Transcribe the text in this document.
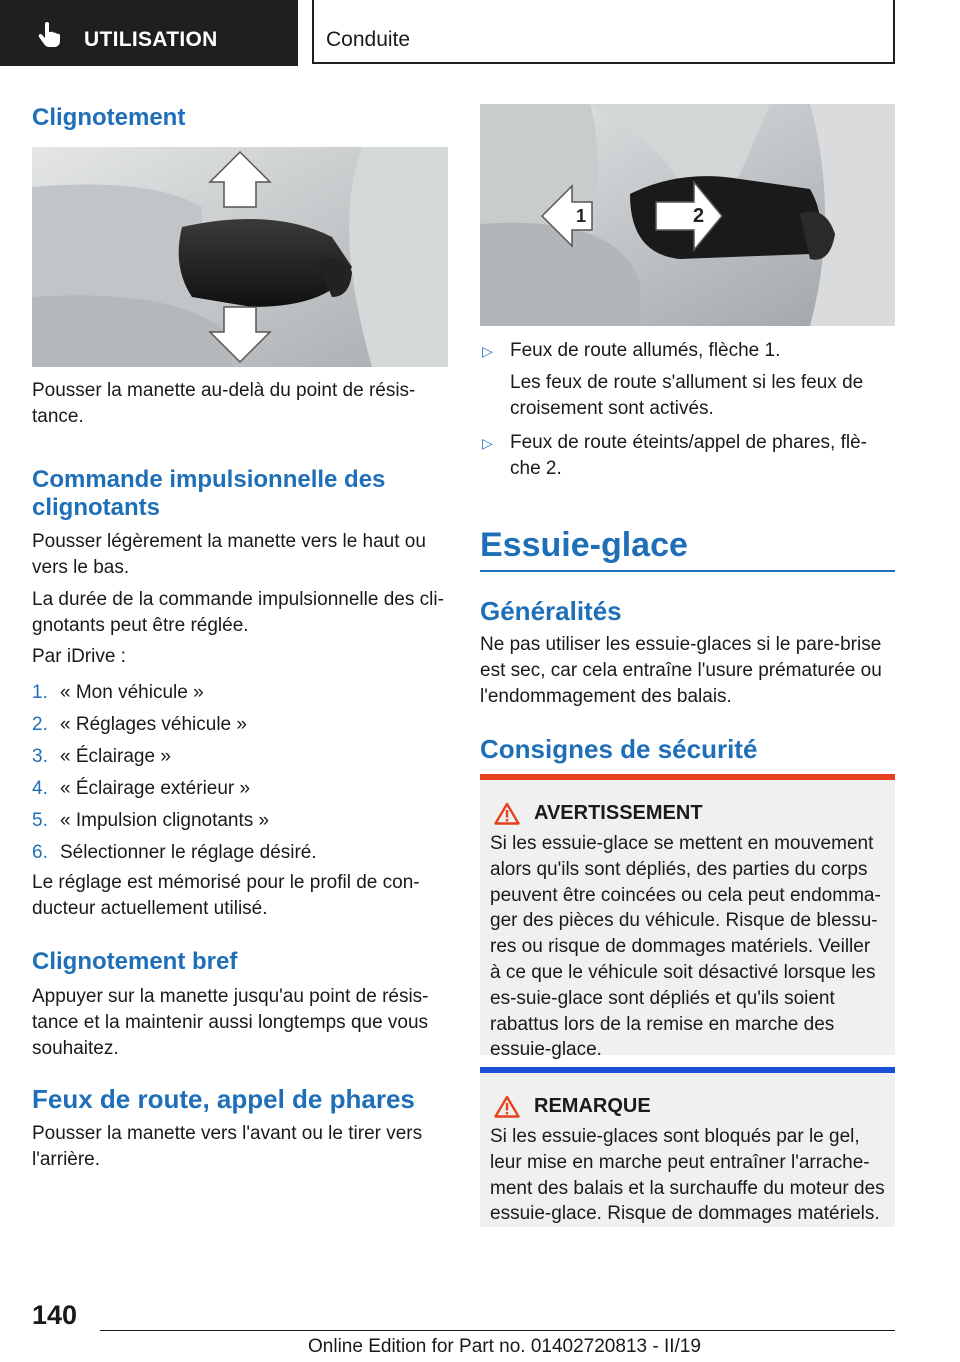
UTILISATION	Conduite
Clignotement

Pousser la manette au-delà du point de résis-tance.

Commande impulsionnelle des clignotants

Pousser légèrement la manette vers le haut ou vers le bas.

La durée de la commande impulsionnelle des cli-gnotants peut être réglée.

Par iDrive :

1. « Mon véhicule »
2. « Réglages véhicule »
3. « Éclairage »
4. « Éclairage extérieur »
5. « Impulsion clignotants »
6. Sélectionner le réglage désiré.

Le réglage est mémorisé pour le profil de con-ducteur actuellement utilisé.

Clignotement bref

Appuyer sur la manette jusqu'au point de résis-tance et la maintenir aussi longtemps que vous souhaitez.

Feux de route, appel de phares

Pousser la manette vers l'avant ou le tirer vers l'arrière.

1	2
▷ Feux de route allumés, flèche 1.
Les feux de route s'allument si les feux de croisement sont activés.
▷ Feux de route éteints/appel de phares, flè-che 2.
Essuie-glace
Généralités

Ne pas utiliser les essuie-glaces si le pare-brise est sec, car cela entraîne l'usure prématurée ou l'endommagement des balais.

Consignes de sécurité
AVERTISSEMENT
Si les essuie-glace se mettent en mouvement alors qu'ils sont dépliés, des parties du corps peuvent être coincées ou cela peut endomma-ger des pièces du véhicule. Risque de blessu-res ou risque de dommages matériels. Veiller à ce que le véhicule soit désactivé lorsque les es-suie-glace sont dépliés et qu'ils soient rabattus lors de la remise en marche des essuie-glace.
REMARQUE
Si les essuie-glaces sont bloqués par le gel, leur mise en marche peut entraîner l'arrache-ment des balais et la surchauffe du moteur des essuie-glace. Risque de dommages matériels.
140
Online Edition for Part no. 01402720813 - II/19
